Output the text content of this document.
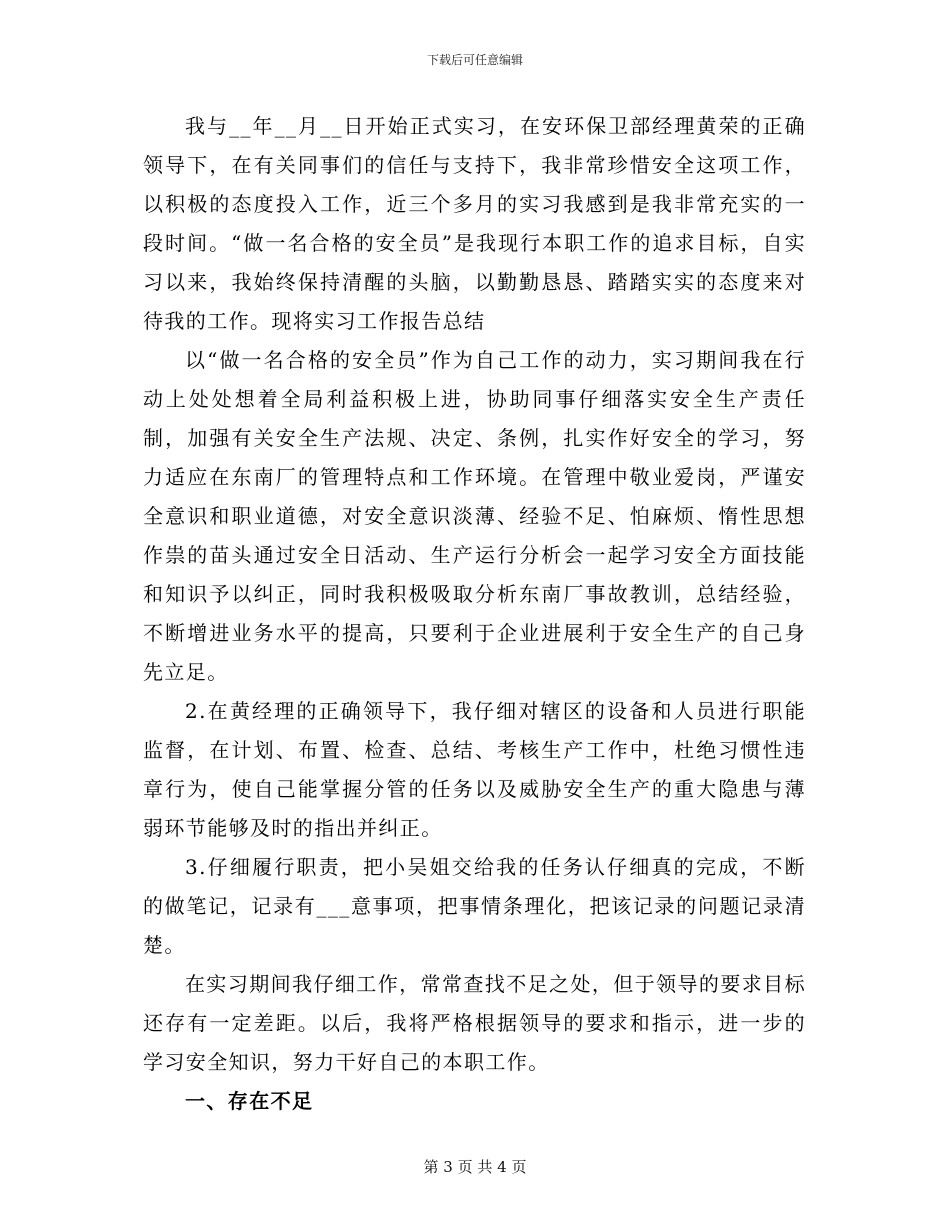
下载后可任意编辑

我与__年__月__日开始正式实习，在安环保卫部经理黄荣的正确领导下，在有关同事们的信任与支持下，我非常珍惜安全这项工作，以积极的态度投入工作，近三个多月的实习我感到是我非常充实的一段时间。“做一名合格的安全员”是我现行本职工作的追求目标，自实习以来，我始终保持清醒的头脑，以勤勤恳恳、踏踏实实的态度来对待我的工作。现将实习工作报告总结

以“做一名合格的安全员”作为自己工作的动力，实习期间我在行动上处处想着全局利益积极上进，协助同事仔细落实安全生产责任制，加强有关安全生产法规、决定、条例，扎实作好安全的学习，努力适应在东南厂的管理特点和工作环境。在管理中敬业爱岗，严谨安全意识和职业道德，对安全意识淡薄、经验不足、怕麻烦、惰性思想作祟的苗头通过安全日活动、生产运行分析会一起学习安全方面技能和知识予以纠正，同时我积极吸取分析东南厂事故教训，总结经验，不断增进业务水平的提高，只要利于企业进展利于安全生产的自己身先立足。

2.在黄经理的正确领导下，我仔细对辖区的设备和人员进行职能监督，在计划、布置、检查、总结、考核生产工作中，杜绝习惯性违章行为，使自己能掌握分管的任务以及威胁安全生产的重大隐患与薄弱环节能够及时的指出并纠正。

3.仔细履行职责，把小吴姐交给我的任务认仔细真的完成，不断的做笔记，记录有___意事项，把事情条理化，把该记录的问题记录清楚。

在实习期间我仔细工作，常常查找不足之处，但于领导的要求目标还存有一定差距。以后，我将严格根据领导的要求和指示，进一步的学习安全知识，努力干好自己的本职工作。

一、存在不足

第 3 页 共 4 页
